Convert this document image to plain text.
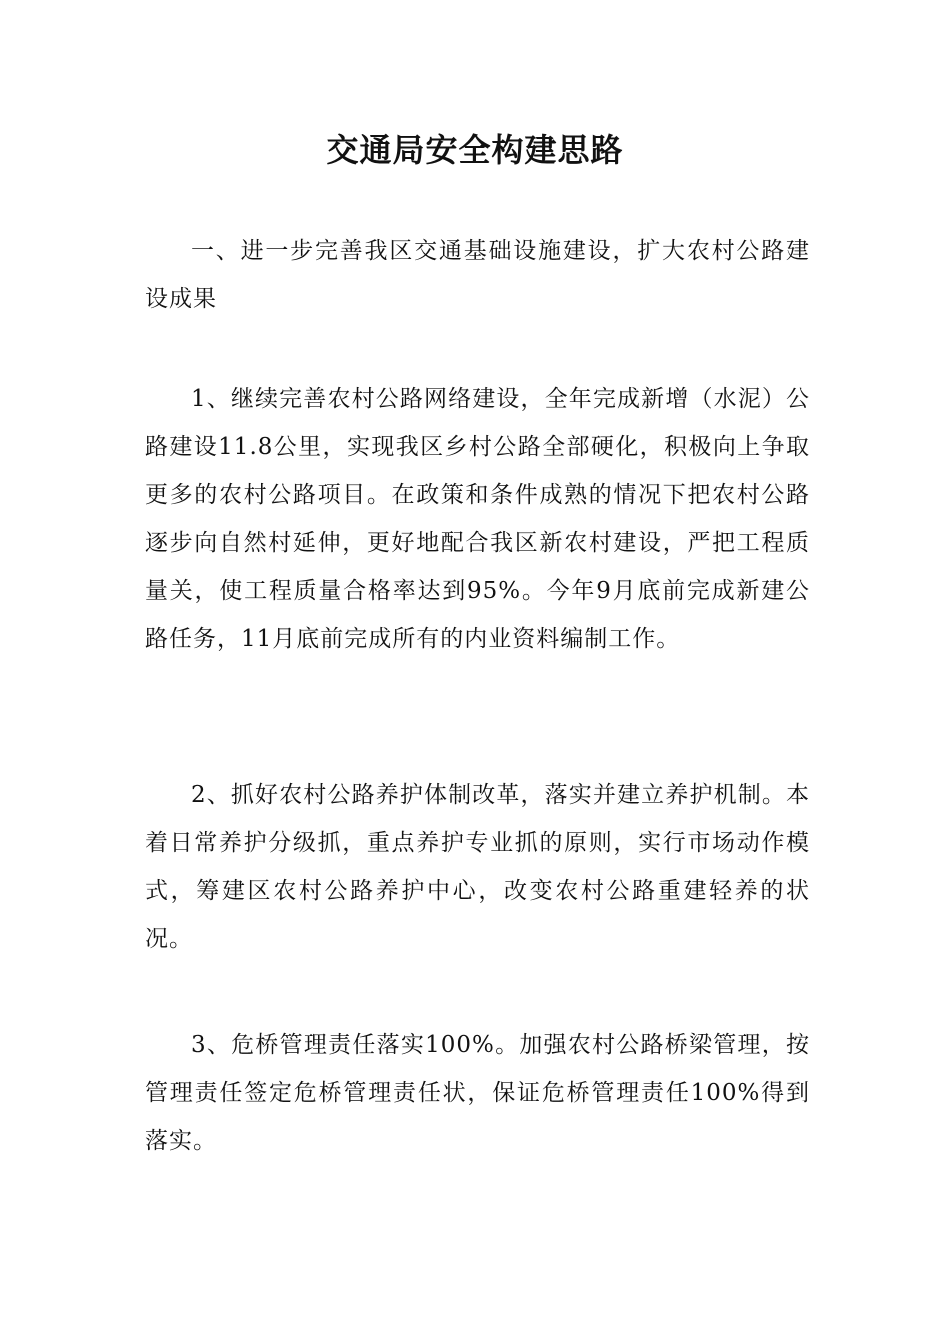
交通局安全构建思路

一、进一步完善我区交通基础设施建设，扩大农村公路建设成果

1、继续完善农村公路网络建设，全年完成新增（水泥）公路建设11.8公里，实现我区乡村公路全部硬化，积极向上争取更多的农村公路项目。在政策和条件成熟的情况下把农村公路逐步向自然村延伸，更好地配合我区新农村建设，严把工程质量关，使工程质量合格率达到95%。今年9月底前完成新建公路任务，11月底前完成所有的内业资料编制工作。

2、抓好农村公路养护体制改革，落实并建立养护机制。本着日常养护分级抓，重点养护专业抓的原则，实行市场动作模式，筹建区农村公路养护中心，改变农村公路重建轻养的状况。

3、危桥管理责任落实100%。加强农村公路桥梁管理，按管理责任签定危桥管理责任状，保证危桥管理责任100%得到落实。
